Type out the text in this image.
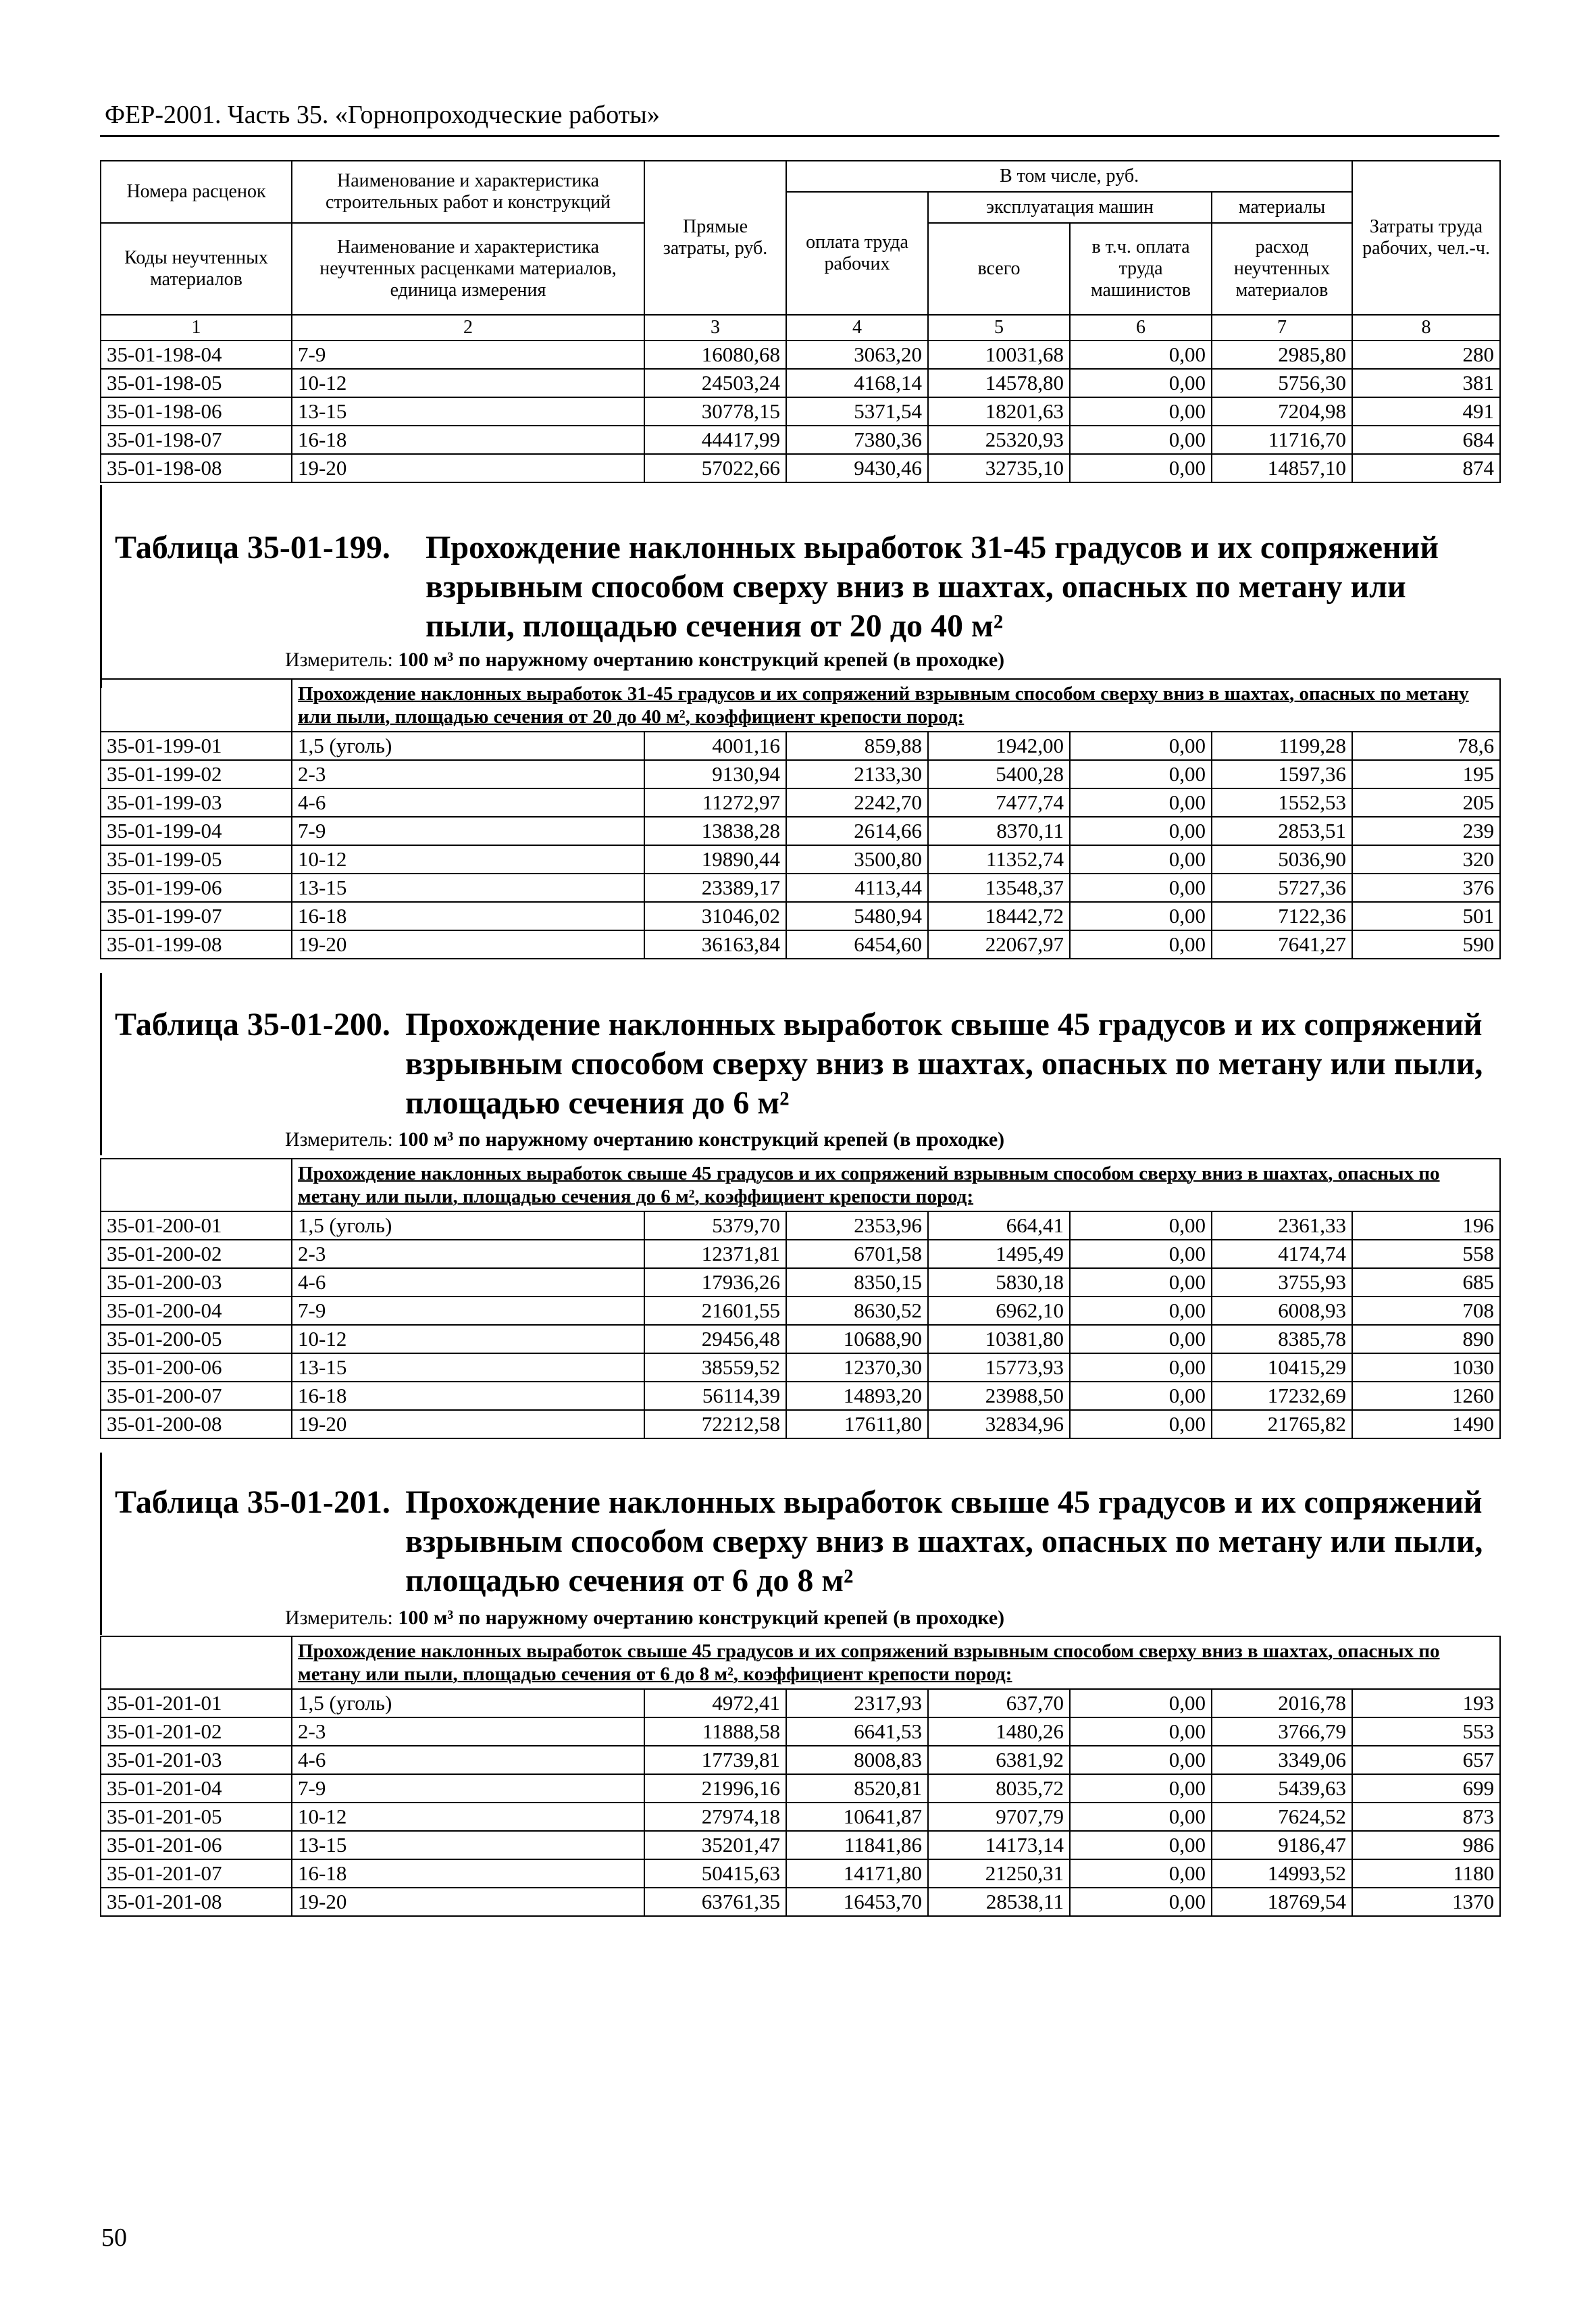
ФЕР-2001. Часть 35. «Горнопроходческие работы»
Номера расценок	Наименование и характеристика строительных работ и конструкций	Прямые затраты, руб.	В том числе, руб.				Затраты труда рабочих, чел.-ч.
			оплата труда рабочих	эксплуатация машин		материалы	
Коды неучтенных материалов	Наименование и характеристика неучтенных расценками материалов, единица измерения			всего	в т.ч. оплата труда машинистов	расход неучтенных материалов	

1	2	3	4	5	6	7	8
35-01-198-04	7-9	16080,68	3063,20	10031,68	0,00	2985,80	280
35-01-198-05	10-12	24503,24	4168,14	14578,80	0,00	5756,30	381
35-01-198-06	13-15	30778,15	5371,54	18201,63	0,00	7204,98	491
35-01-198-07	16-18	44417,99	7380,36	25320,93	0,00	11716,70	684
35-01-198-08	19-20	57022,66	9430,46	32735,10	0,00	14857,10	874
Таблица 35-01-199. Прохождение наклонных выработок 31-45 градусов и их сопряжений взрывным способом сверху вниз в шахтах, опасных по метану или пыли, площадью сечения от 20 до 40 м²
Измеритель: 100 м³ по наружному очертанию конструкций крепей (в проходке)
	Прохождение наклонных выработок 31-45 градусов и их сопряжений взрывным способом сверху вниз в шахтах, опасных по метану или пыли, площадью сечения от 20 до 40 м², коэффициент крепости пород:						
35-01-199-01	1,5 (уголь)	4001,16	859,88	1942,00	0,00	1199,28	78,6
35-01-199-02	2-3	9130,94	2133,30	5400,28	0,00	1597,36	195
35-01-199-03	4-6	11272,97	2242,70	7477,74	0,00	1552,53	205
35-01-199-04	7-9	13838,28	2614,66	8370,11	0,00	2853,51	239
35-01-199-05	10-12	19890,44	3500,80	11352,74	0,00	5036,90	320
35-01-199-06	13-15	23389,17	4113,44	13548,37	0,00	5727,36	376
35-01-199-07	16-18	31046,02	5480,94	18442,72	0,00	7122,36	501
35-01-199-08	19-20	36163,84	6454,60	22067,97	0,00	7641,27	590
Таблица 35-01-200. Прохождение наклонных выработок свыше 45 градусов и их сопряжений взрывным способом сверху вниз в шахтах, опасных по метану или пыли, площадью сечения до 6 м²
Измеритель: 100 м³ по наружному очертанию конструкций крепей (в проходке)
	Прохождение наклонных выработок свыше 45 градусов и их сопряжений взрывным способом сверху вниз в шахтах, опасных по метану или пыли, площадью сечения до 6 м², коэффициент крепости пород:						
35-01-200-01	1,5 (уголь)	5379,70	2353,96	664,41	0,00	2361,33	196
35-01-200-02	2-3	12371,81	6701,58	1495,49	0,00	4174,74	558
35-01-200-03	4-6	17936,26	8350,15	5830,18	0,00	3755,93	685
35-01-200-04	7-9	21601,55	8630,52	6962,10	0,00	6008,93	708
35-01-200-05	10-12	29456,48	10688,90	10381,80	0,00	8385,78	890
35-01-200-06	13-15	38559,52	12370,30	15773,93	0,00	10415,29	1030
35-01-200-07	16-18	56114,39	14893,20	23988,50	0,00	17232,69	1260
35-01-200-08	19-20	72212,58	17611,80	32834,96	0,00	21765,82	1490
Таблица 35-01-201. Прохождение наклонных выработок свыше 45 градусов и их сопряжений взрывным способом сверху вниз в шахтах, опасных по метану или пыли, площадью сечения от 6 до 8 м²
Измеритель: 100 м³ по наружному очертанию конструкций крепей (в проходке)
	Прохождение наклонных выработок свыше 45 градусов и их сопряжений взрывным способом сверху вниз в шахтах, опасных по метану или пыли, площадью сечения от 6 до 8 м², коэффициент крепости пород:						
35-01-201-01	1,5 (уголь)	4972,41	2317,93	637,70	0,00	2016,78	193
35-01-201-02	2-3	11888,58	6641,53	1480,26	0,00	3766,79	553
35-01-201-03	4-6	17739,81	8008,83	6381,92	0,00	3349,06	657
35-01-201-04	7-9	21996,16	8520,81	8035,72	0,00	5439,63	699
35-01-201-05	10-12	27974,18	10641,87	9707,79	0,00	7624,52	873
35-01-201-06	13-15	35201,47	11841,86	14173,14	0,00	9186,47	986
35-01-201-07	16-18	50415,63	14171,80	21250,31	0,00	14993,52	1180
35-01-201-08	19-20	63761,35	16453,70	28538,11	0,00	18769,54	1370
50
